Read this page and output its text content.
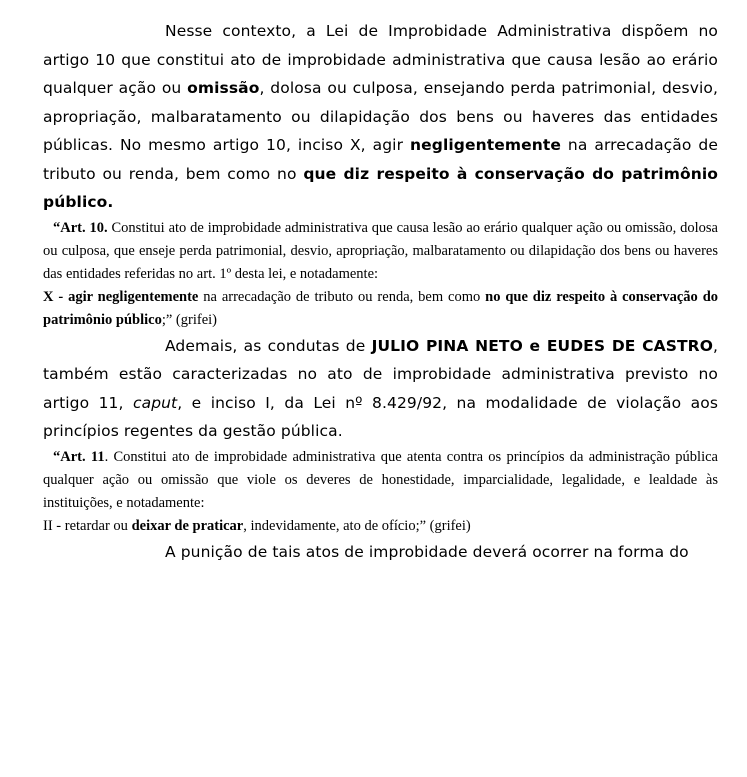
Nesse contexto, a Lei de Improbidade Administrativa dispõem no artigo 10 que constitui ato de improbidade administrativa que causa lesão ao erário qualquer ação ou omissão, dolosa ou culposa, ensejando perda patrimonial, desvio, apropriação, malbaratamento ou dilapidação dos bens ou haveres das entidades públicas. No mesmo artigo 10, inciso X, agir negligentemente na arrecadação de tributo ou renda, bem como no que diz respeito à conservação do patrimônio público.

“Art. 10. Constitui ato de improbidade administrativa que causa lesão ao erário qualquer ação ou omissão, dolosa ou culposa, que enseje perda patrimonial, desvio, apropriação, malbaratamento ou dilapidação dos bens ou haveres das entidades referidas no art. 1º desta lei, e notadamente:

X - agir negligentemente na arrecadação de tributo ou renda, bem como no que diz respeito à conservação do patrimônio público;” (grifei)

Ademais, as condutas de JULIO PINA NETO e EUDES DE CASTRO, também estão caracterizadas no ato de improbidade administrativa previsto no artigo 11, caput, e inciso I, da Lei nº 8.429/92, na modalidade de violação aos princípios regentes da gestão pública.

“Art. 11. Constitui ato de improbidade administrativa que atenta contra os princípios da administração pública qualquer ação ou omissão que viole os deveres de honestidade, imparcialidade, legalidade, e lealdade às instituições, e notadamente:

II - retardar ou deixar de praticar, indevidamente, ato de ofício;” (grifei)

A punição de tais atos de improbidade deverá ocorrer na forma do
